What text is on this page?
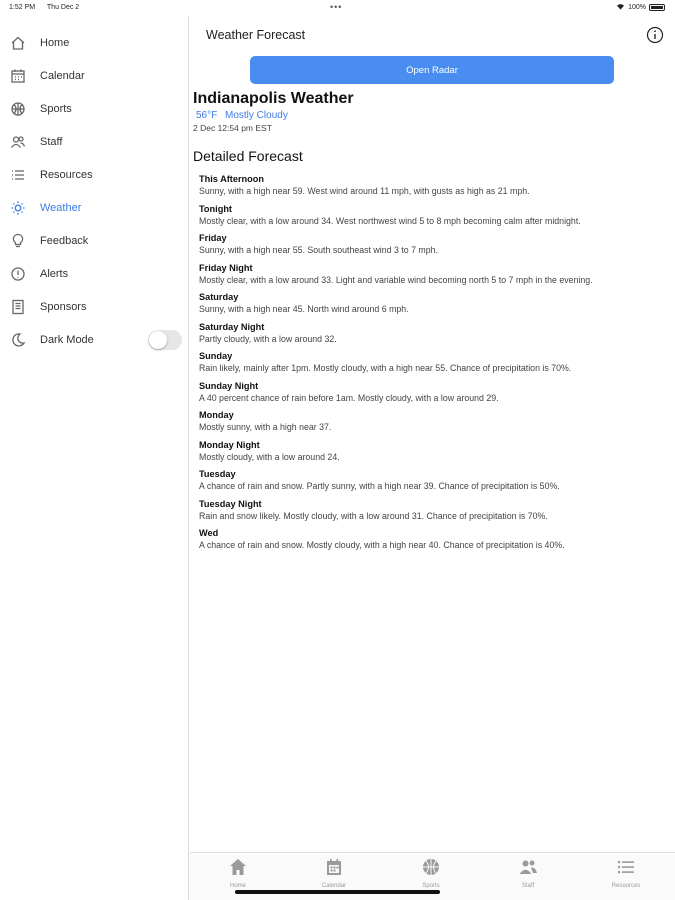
1:52 PM Thu Dec 2	•••	100%
Home
Calendar
Sports
Staff
Resources
Weather
Feedback
Alerts
Sponsors
Dark Mode
Weather Forecast
Open Radar
Indianapolis Weather
56°F Mostly Cloudy
2 Dec 12:54 pm EST
Detailed Forecast
This Afternoon
Sunny, with a high near 59. West wind around 11 mph, with gusts as high as 21 mph.
Tonight
Mostly clear, with a low around 34. West northwest wind 5 to 8 mph becoming calm after midnight.
Friday
Sunny, with a high near 55. South southeast wind 3 to 7 mph.
Friday Night
Mostly clear, with a low around 33. Light and variable wind becoming north 5 to 7 mph in the evening.
Saturday
Sunny, with a high near 45. North wind around 6 mph.
Saturday Night
Partly cloudy, with a low around 32.
Sunday
Rain likely, mainly after 1pm. Mostly cloudy, with a high near 55. Chance of precipitation is 70%.
Sunday Night
A 40 percent chance of rain before 1am. Mostly cloudy, with a low around 29.
Monday
Mostly sunny, with a high near 37.
Monday Night
Mostly cloudy, with a low around 24.
Tuesday
A chance of rain and snow. Partly sunny, with a high near 39. Chance of precipitation is 50%.
Tuesday Night
Rain and snow likely. Mostly cloudy, with a low around 31. Chance of precipitation is 70%.
Wed
A chance of rain and snow. Mostly cloudy, with a high near 40. Chance of precipitation is 40%.
Home	Calendar	Sports	Staff	Resources
